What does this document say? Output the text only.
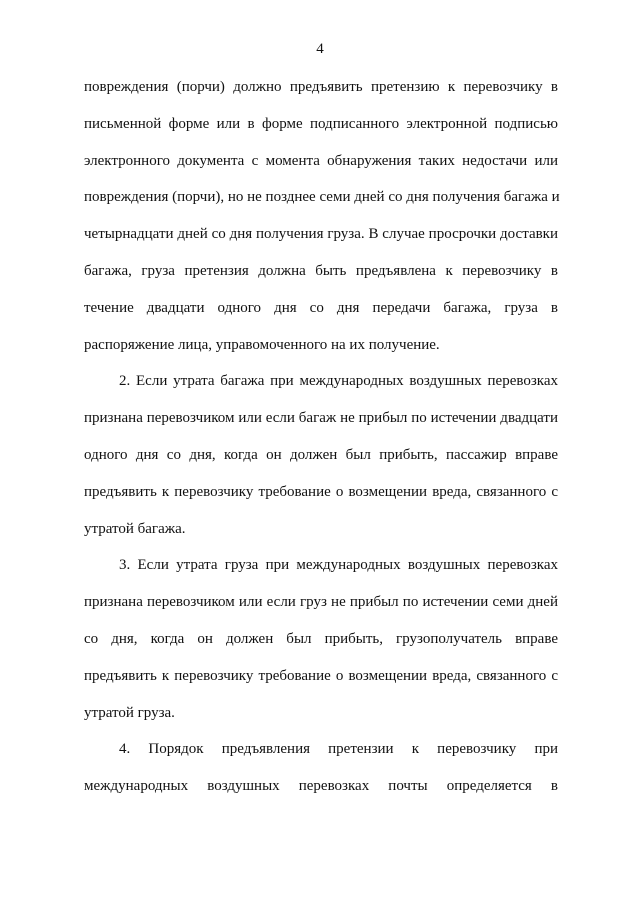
4
повреждения (порчи) должно предъявить претензию к перевозчику в
письменной форме или в форме подписанного электронной подписью
электронного документа с момента обнаружения таких недостачи или
повреждения (порчи), но не позднее семи дней со дня получения багажа и
четырнадцати дней со дня получения груза. В случае просрочки доставки
багажа, груза претензия должна быть предъявлена к перевозчику в
течение двадцати одного дня со дня передачи багажа, груза в
распоряжение лица, управомоченного на их получение.
2. Если утрата багажа при международных воздушных перевозках
признана перевозчиком или если багаж не прибыл по истечении двадцати
одного дня со дня, когда он должен был прибыть, пассажир вправе
предъявить к перевозчику требование о возмещении вреда, связанного с
утратой багажа.
3. Если утрата груза при международных воздушных перевозках
признана перевозчиком или если груз не прибыл по истечении семи дней
со дня, когда он должен был прибыть, грузополучатель вправе
предъявить к перевозчику требование о возмещении вреда, связанного с
утратой груза.
4. Порядок предъявления претензии к перевозчику при
международных воздушных перевозках почты определяется в
